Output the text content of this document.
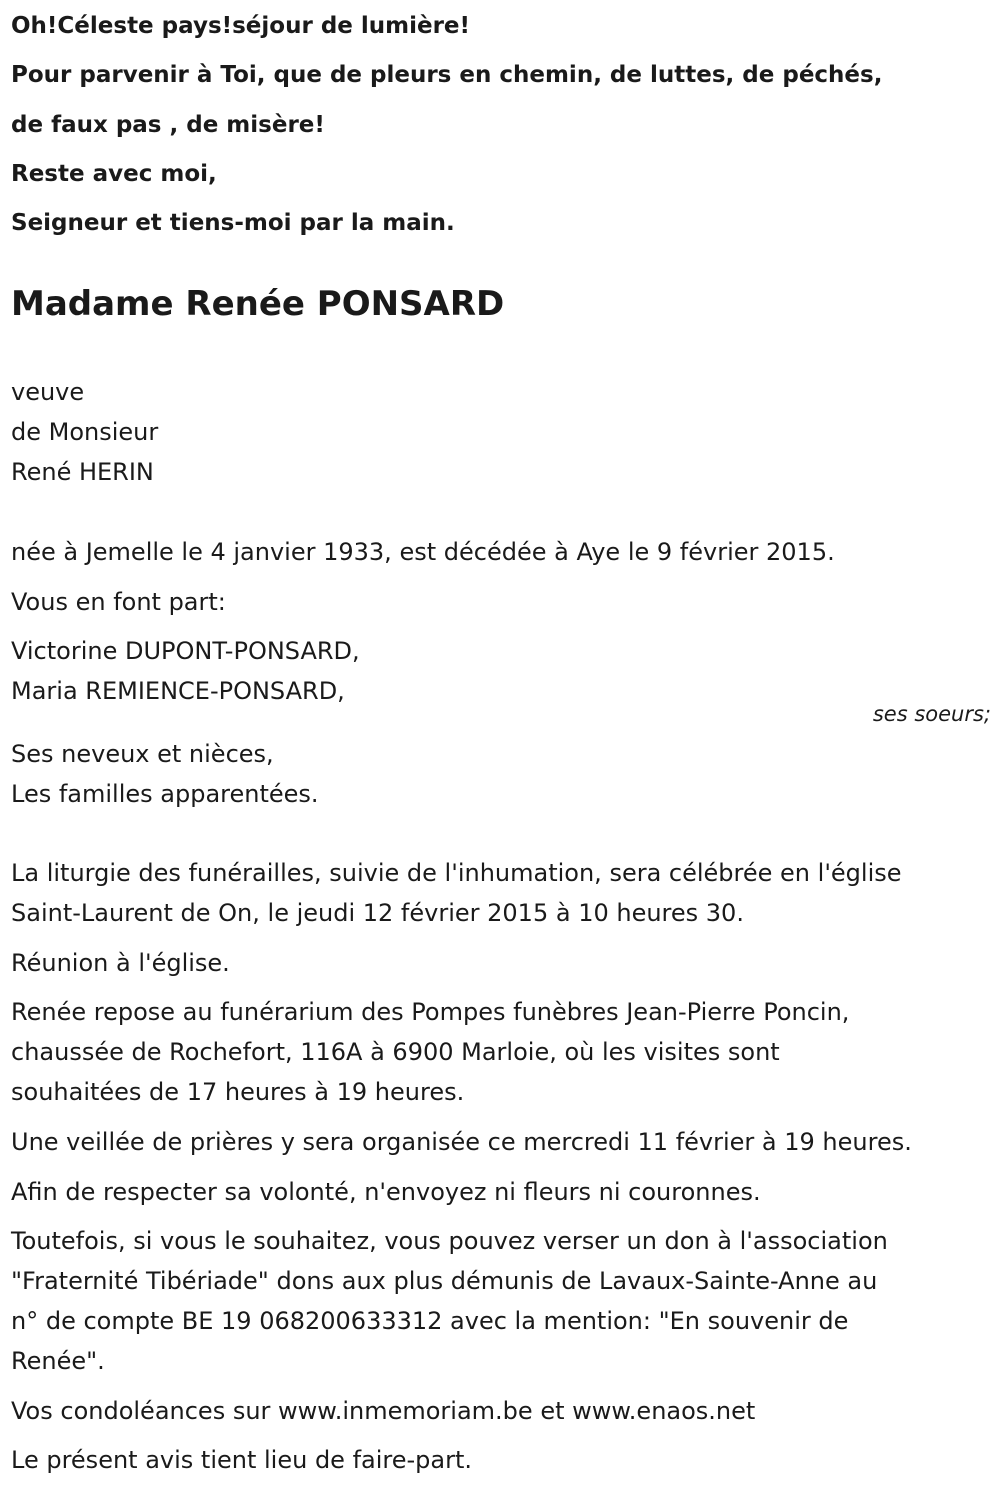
Oh!Céleste pays!séjour de lumière!
Pour parvenir à Toi, que de pleurs en chemin, de luttes, de péchés,
de faux pas , de misère!
Reste avec moi,
Seigneur et tiens-moi par la main.
Madame Renée PONSARD
veuve
de Monsieur
René HERIN
née à Jemelle le 4 janvier 1933, est décédée à Aye le 9 février 2015.
Vous en font part:
Victorine DUPONT-PONSARD,
Maria REMIENCE-PONSARD,
ses soeurs;
Ses neveux et nièces,
Les familles apparentées.
La liturgie des funérailles, suivie de l'inhumation, sera célébrée en l'église
Saint-Laurent de On, le jeudi 12 février 2015 à 10 heures 30.
Réunion à l'église.
Renée repose au funérarium des Pompes funèbres Jean-Pierre Poncin,
chaussée de Rochefort, 116A à 6900 Marloie, où les visites sont
souhaitées de 17 heures à 19 heures.
Une veillée de prières y sera organisée ce mercredi 11 février à 19 heures.
Afin de respecter sa volonté, n'envoyez ni fleurs ni couronnes.
Toutefois, si vous le souhaitez, vous pouvez verser un don à l'association
"Fraternité Tibériade" dons aux plus démunis de Lavaux-Sainte-Anne au
n° de compte BE 19 068200633312 avec la mention: "En souvenir de
Renée".
Vos condoléances sur www.inmemoriam.be et www.enaos.net
Le présent avis tient lieu de faire-part.
